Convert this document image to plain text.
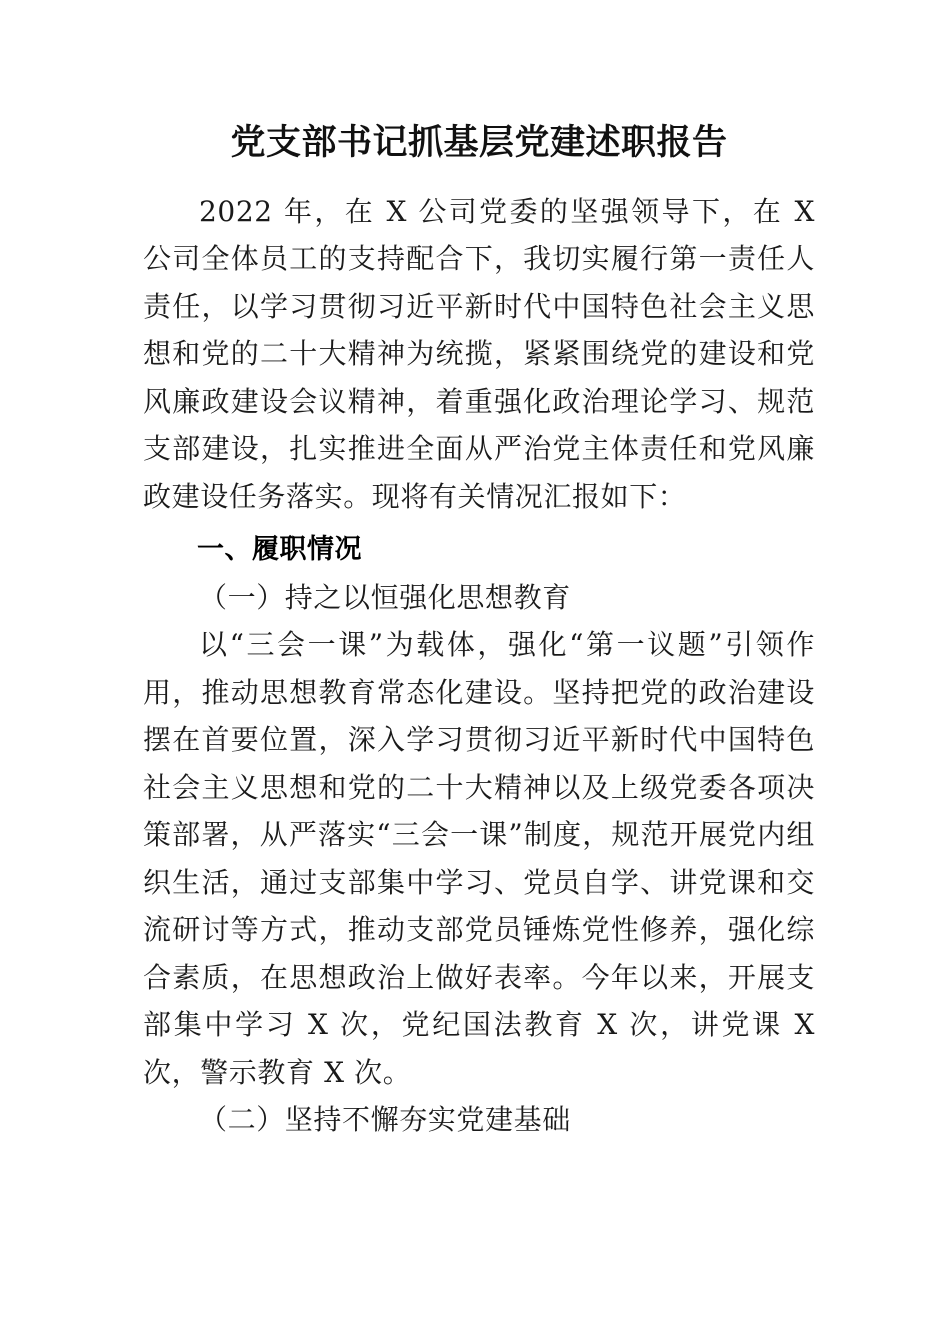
党支部书记抓基层党建述职报告

2022 年，在 X 公司党委的坚强领导下，在 X 公司全体员工的支持配合下，我切实履行第一责任人责任，以学习贯彻习近平新时代中国特色社会主义思想和党的二十大精神为统揽，紧紧围绕党的建设和党风廉政建设会议精神，着重强化政治理论学习、规范支部建设，扎实推进全面从严治党主体责任和党风廉政建设任务落实。现将有关情况汇报如下：

一、履职情况
（一）持之以恒强化思想教育

以“三会一课”为载体，强化“第一议题”引领作用，推动思想教育常态化建设。坚持把党的政治建设摆在首要位置，深入学习贯彻习近平新时代中国特色社会主义思想和党的二十大精神以及上级党委各项决策部署，从严落实“三会一课”制度，规范开展党内组织生活，通过支部集中学习、党员自学、讲党课和交流研讨等方式，推动支部党员锤炼党性修养，强化综合素质，在思想政治上做好表率。今年以来，开展支部集中学习 X 次，党纪国法教育 X 次，讲党课 X 次，警示教育 X 次。

（二）坚持不懈夯实党建基础
